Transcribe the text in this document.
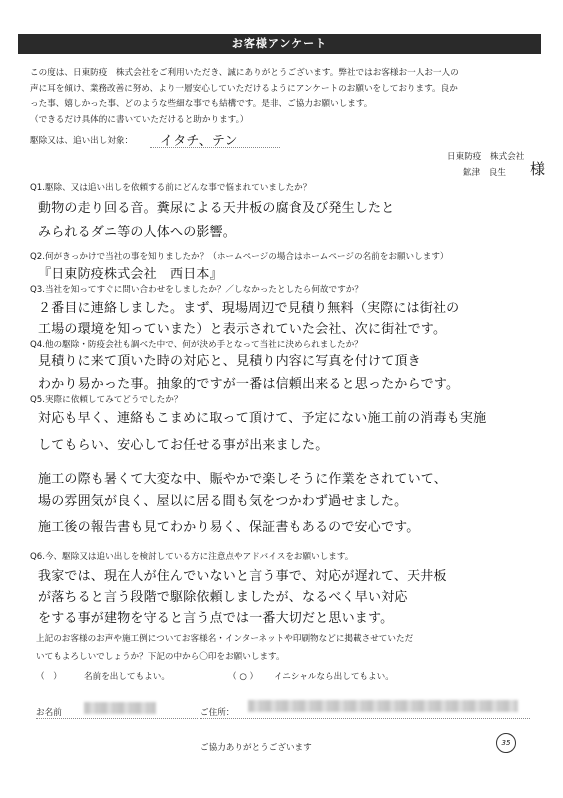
お客様アンケート
この度は、日東防疫　株式会社をご利用いただき、誠にありがとうございます。弊社ではお客様お一人お一人の
声に耳を傾け、業務改善に努め、より一層安心していただけるようにアンケートのお願いをしております。良か
った事、嬉しかった事、どのような些細な事でも結構です。是非、ご協力お願いします。
（できるだけ具体的に書いていただけると助かります。）
駆除又は、追い出し対象： イタチ、テン
日東防疫　株式会社
鉱津　良生 様
Q1.駆除、又は追い出しを依頼する前にどんな事で悩まれていましたか？
動物の走り回る音。糞尿による天井板の腐食及び発生したと
みられるダニ等の人体への影響。
Q2.何がきっかけで当社の事を知りましたか？（ホームページの場合はホームページの名前をお願いします）
『日東防疫株式会社　西日本』
Q3.当社を知ってすぐに問い合わせをしましたか？／しなかったとしたら何故ですか？
２番目に連絡しました。まず、現場周辺で見積り無料（実際には街社の
工場の環境を知っていまた）と表示されていた会社、次に街社です。
Q4.他の駆除・防疫会社も調べた中で、何が決め手となって当社に決められましたか？
見積りに来て頂いた時の対応と、見積り内容に写真を付けて頂き
わかり易かった事。抽象的ですが一番は信頼出来ると思ったからです。
Q5.実際に依頼してみてどうでしたか？
対応も早く、連絡もこまめに取って頂けて、予定にない施工前の消毒も実施
してもらい、安心してお任せる事が出来ました。
施工の際も暑くて大変な中、賑やかで楽しそうに作業をされていて、
場の雰囲気が良く、屋以に居る間も気をつかわず過せました。
施工後の報告書も見てわかり易く、保証書もあるので安心です。
Q6.今、駆除又は追い出しを検討している方に注意点やアドバイスをお願いします。
我家では、現在人が住んでいないと言う事で、対応が遅れて、天井板
が落ちると言う段階で駆除依頼しましたが、なるべく早い対応
をする事が建物を守ると言う点では一番大切だと思います。
上記のお客様のお声や施工例についてお客様名・インターネットや印刷物などに掲載させていただ
いてもよろしいでしょうか？下記の中から〇印をお願いします。
（　）	名前を出してもよい。	（ ○ ） イニシャルなら出してもよい。
お名前	ご住所：
ご協力ありがとうございます	35
